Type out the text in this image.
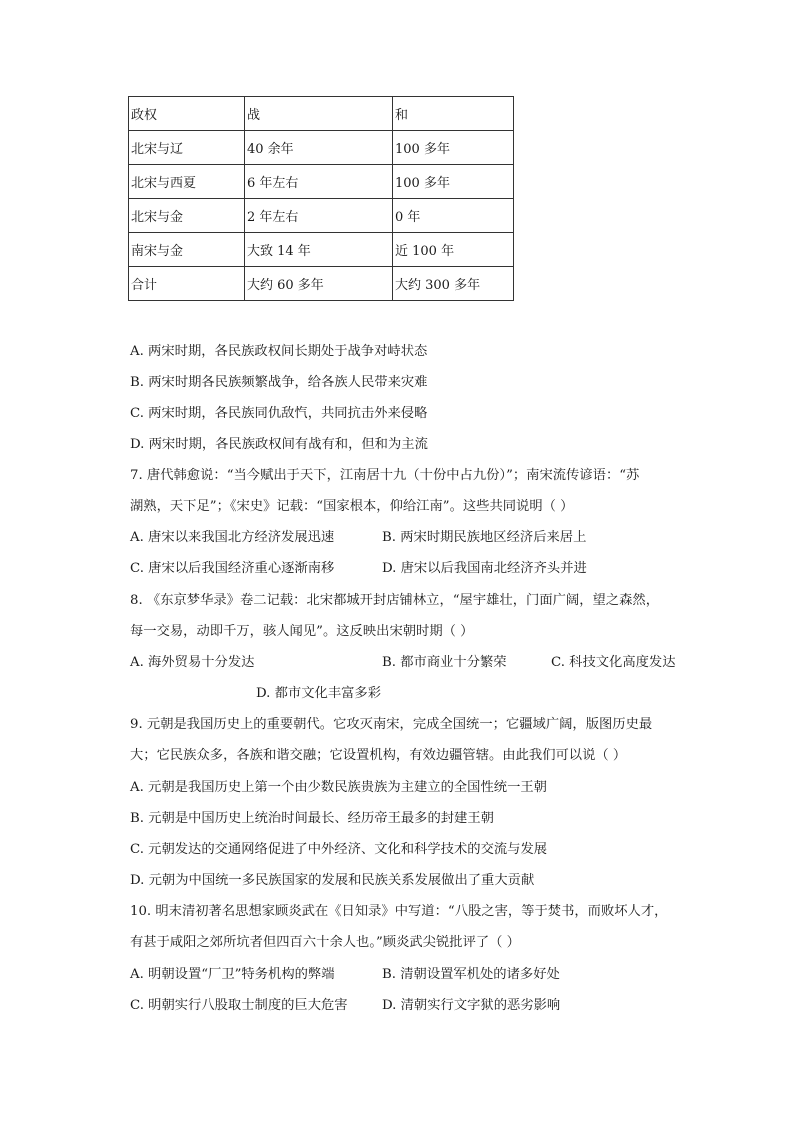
政权	战	和
北宋与辽	40 余年	100 多年
北宋与西夏	6 年左右	100 多年
北宋与金	2 年左右	0 年
南宋与金	大致 14 年	近 100 年
合计	大约 60 多年	大约 300 多年
A. 两宋时期，各民族政权间长期处于战争对峙状态
B. 两宋时期各民族频繁战争，给各族人民带来灾难
C. 两宋时期，各民族同仇敌忾，共同抗击外来侵略
D. 两宋时期，各民族政权间有战有和，但和为主流
7. 唐代韩愈说：“当今赋出于天下，江南居十九（十份中占九份）”；南宋流传谚语：“苏
湖熟，天下足”；《宋史》记载：“国家根本，仰给江南”。这些共同说明（ ）
A. 唐宋以来我国北方经济发展迅速	B. 两宋时期民族地区经济后来居上
C. 唐宋以后我国经济重心逐渐南移	D. 唐宋以后我国南北经济齐头并进
8. 《东京梦华录》卷二记载：北宋都城开封店铺林立，“屋宇雄壮，门面广阔，望之森然，
每一交易，动即千万，骇人闻见”。这反映出宋朝时期（ ）
A. 海外贸易十分发达	B. 都市商业十分繁荣	C. 科技文化高度发达
D. 都市文化丰富多彩
9. 元朝是我国历史上的重要朝代。它攻灭南宋，完成全国统一；它疆域广阔，版图历史最
大；它民族众多，各族和谐交融；它设置机构，有效边疆管辖。由此我们可以说（ ）
A. 元朝是我国历史上第一个由少数民族贵族为主建立的全国性统一王朝
B. 元朝是中国历史上统治时间最长、经历帝王最多的封建王朝
C. 元朝发达的交通网络促进了中外经济、文化和科学技术的交流与发展
D. 元朝为中国统一多民族国家的发展和民族关系发展做出了重大贡献
10. 明末清初著名思想家顾炎武在《日知录》中写道：“八股之害，等于焚书，而败坏人才，
有甚于咸阳之郊所坑者但四百六十余人也。”顾炎武尖锐批评了（ ）
A. 明朝设置“厂卫”特务机构的弊端	B. 清朝设置军机处的诸多好处
C. 明朝实行八股取士制度的巨大危害	D. 清朝实行文字狱的恶劣影响
